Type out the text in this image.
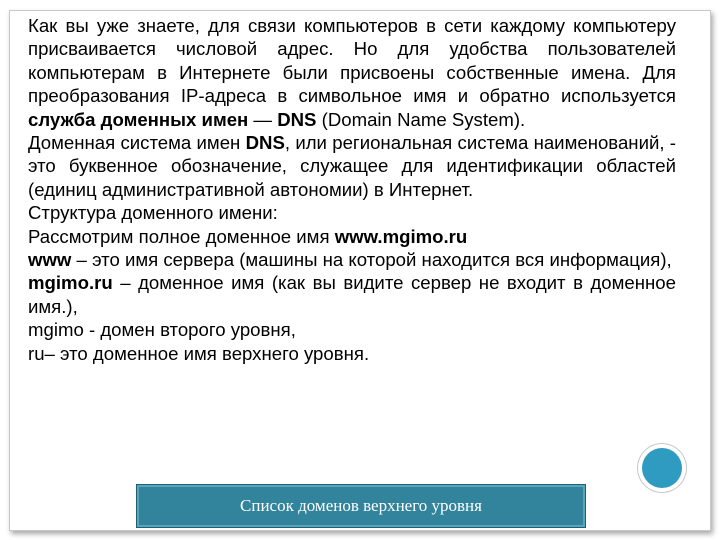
Как вы уже знаете, для связи компьютеров в сети каждому компьютеру присваивается числовой адрес. Но для удобства пользователей компьютерам в Интернете были присвоены собственные имена. Для преобразования IP-адреса в символьное имя и обратно используется служба доменных имен — DNS (Domain Name System).

Доменная система имен DNS, или региональная система наименований, - это буквенное обозначение, служащее для идентификации областей (единиц административной автономии) в Интернет.

Структура доменного имени:

Рассмотрим полное доменное имя www.mgimo.ru

www – это имя сервера (машины на которой находится вся информация),

mgimo.ru – доменное имя (как вы видите сервер не входит в доменное имя.),

mgimo - домен второго уровня,

ru– это доменное имя верхнего уровня.

Список доменов верхнего уровня
